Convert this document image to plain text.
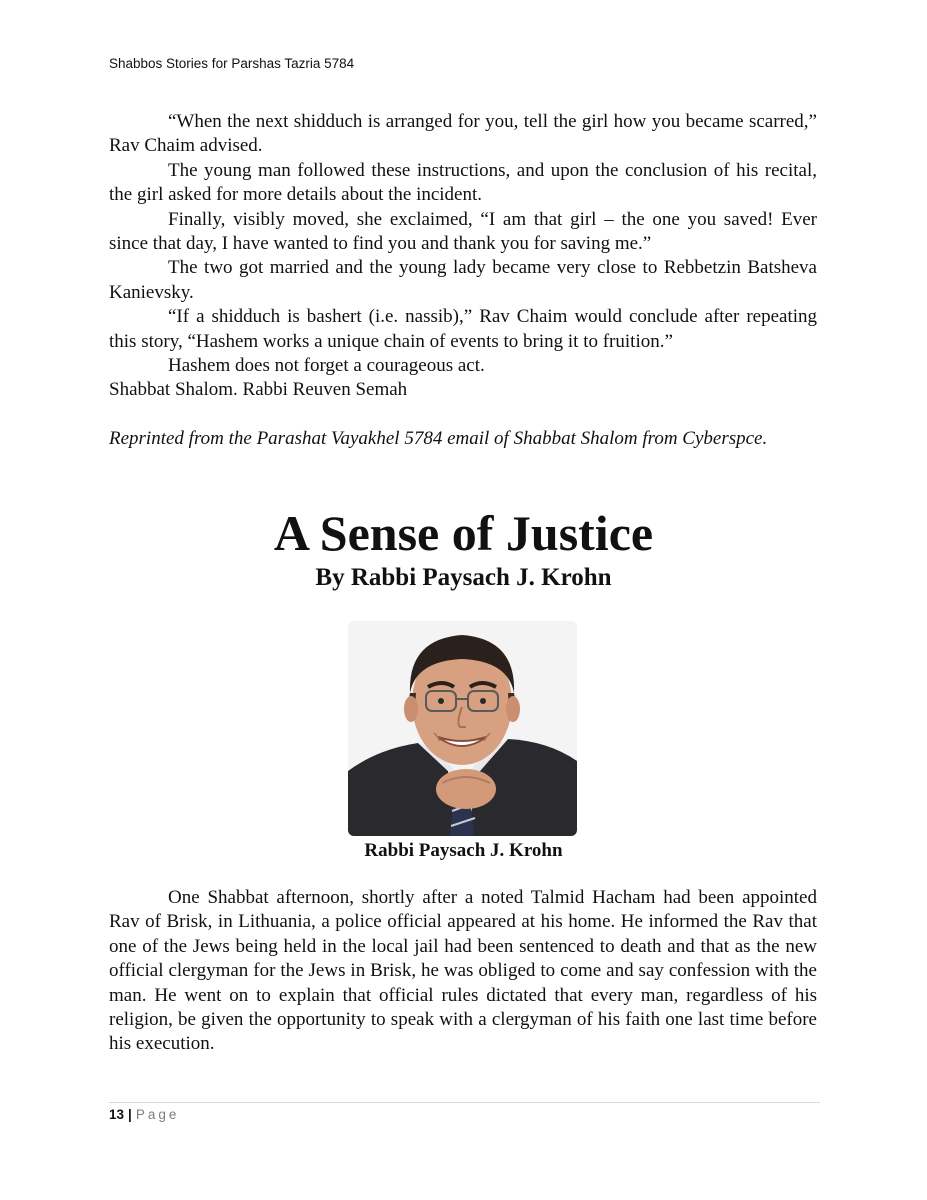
Shabbos Stories for Parshas Tazria 5784

“When the next shidduch is arranged for you, tell the girl how you became scarred,” Rav Chaim advised.

The young man followed these instructions, and upon the conclusion of his recital, the girl asked for more details about the incident.

Finally, visibly moved, she exclaimed, “I am that girl – the one you saved! Ever since that day, I have wanted to find you and thank you for saving me.”

The two got married and the young lady became very close to Rebbetzin Batsheva Kanievsky.

“If a shidduch is bashert (i.e. nassib),” Rav Chaim would conclude after repeating this story, “Hashem works a unique chain of events to bring it to fruition.”

Hashem does not forget a courageous act.

Shabbat Shalom. Rabbi Reuven Semah

Reprinted from the Parashat Vayakhel 5784 email of Shabbat Shalom from Cyberspce.

A Sense of Justice
By Rabbi Paysach J. Krohn

Rabbi Paysach J. Krohn

One Shabbat afternoon, shortly after a noted Talmid Hacham had been appointed Rav of Brisk, in Lithuania, a police official appeared at his home. He informed the Rav that one of the Jews being held in the local jail had been sentenced to death and that as the new official clergyman for the Jews in Brisk, he was obliged to come and say confession with the man. He went on to explain that official rules dictated that every man, regardless of his religion, be given the opportunity to speak with a clergyman of his faith one last time before his execution.

13 | Page
